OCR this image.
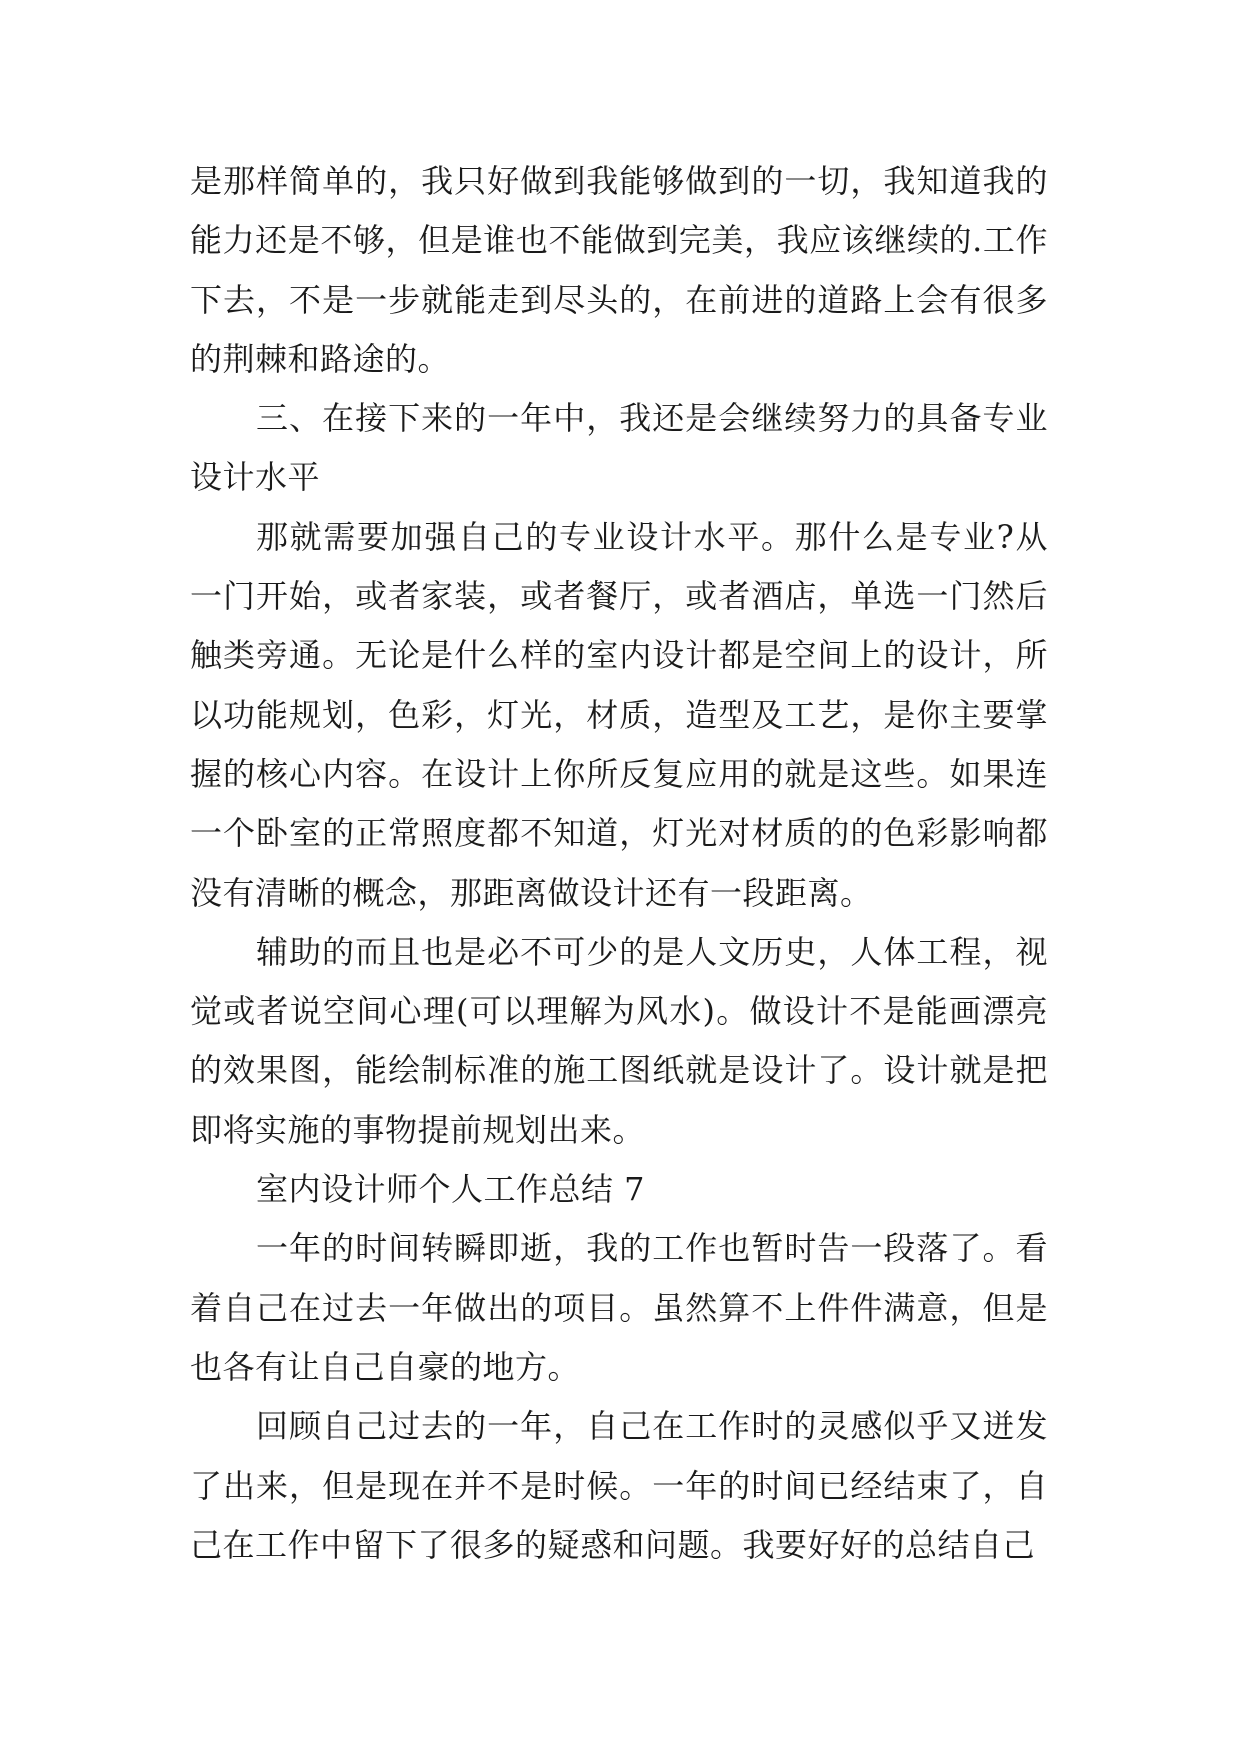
是那样简单的，我只好做到我能够做到的一切，我知道我的能力还是不够，但是谁也不能做到完美，我应该继续的.工作下去，不是一步就能走到尽头的，在前进的道路上会有很多的荆棘和路途的。

三、在接下来的一年中，我还是会继续努力的具备专业设计水平

那就需要加强自己的专业设计水平。那什么是专业?从一门开始，或者家装，或者餐厅，或者酒店，单选一门然后触类旁通。无论是什么样的室内设计都是空间上的设计，所以功能规划，色彩，灯光，材质，造型及工艺，是你主要掌握的核心内容。在设计上你所反复应用的就是这些。如果连一个卧室的正常照度都不知道，灯光对材质的的色彩影响都没有清晰的概念，那距离做设计还有一段距离。

辅助的而且也是必不可少的是人文历史，人体工程，视觉或者说空间心理(可以理解为风水)。做设计不是能画漂亮的效果图，能绘制标准的施工图纸就是设计了。设计就是把即将实施的事物提前规划出来。

室内设计师个人工作总结 7

一年的时间转瞬即逝，我的工作也暂时告一段落了。看着自己在过去一年做出的项目。虽然算不上件件满意，但是也各有让自己自豪的地方。

回顾自己过去的一年，自己在工作时的灵感似乎又迸发了出来，但是现在并不是时候。一年的时间已经结束了，自己在工作中留下了很多的疑惑和问题。我要好好的总结自己
